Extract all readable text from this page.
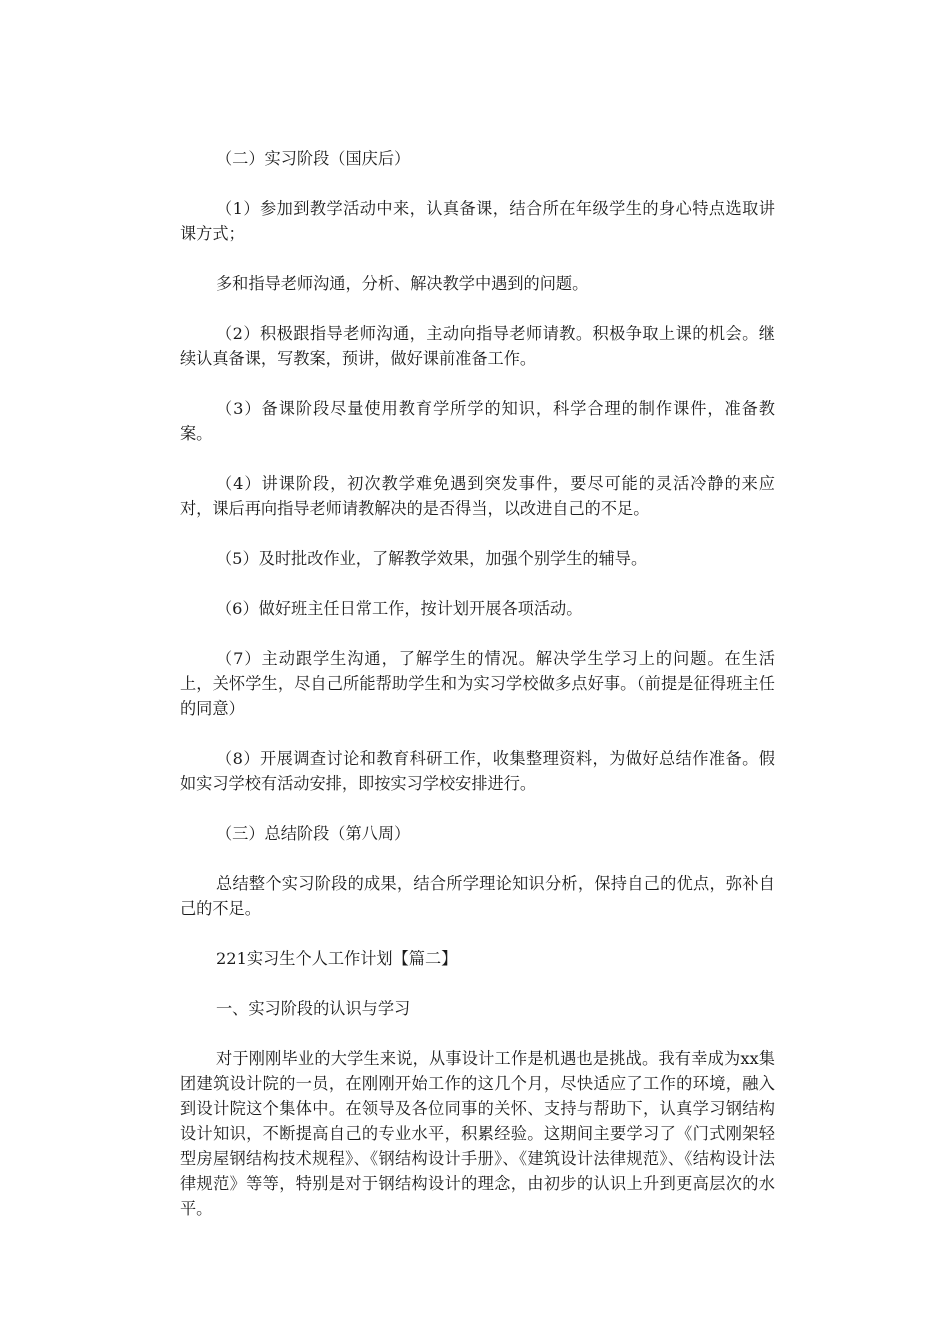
（二）实习阶段（国庆后）

（1）参加到教学活动中来，认真备课，结合所在年级学生的身心特点选取讲课方式；

多和指导老师沟通，分析、解决教学中遇到的问题。

（2）积极跟指导老师沟通，主动向指导老师请教。积极争取上课的机会。继续认真备课，写教案，预讲，做好课前准备工作。

（3）备课阶段尽量使用教育学所学的知识，科学合理的制作课件，准备教案。

（4）讲课阶段，初次教学难免遇到突发事件，要尽可能的灵活冷静的来应对，课后再向指导老师请教解决的是否得当，以改进自己的不足。

（5）及时批改作业，了解教学效果，加强个别学生的辅导。

（6）做好班主任日常工作，按计划开展各项活动。

（7）主动跟学生沟通，了解学生的情况。解决学生学习上的问题。在生活上，关怀学生，尽自己所能帮助学生和为实习学校做多点好事。（前提是征得班主任的同意）

（8）开展调查讨论和教育科研工作，收集整理资料，为做好总结作准备。假如实习学校有活动安排，即按实习学校安排进行。

（三）总结阶段（第八周）

总结整个实习阶段的成果，结合所学理论知识分析，保持自己的优点，弥补自己的不足。

221实习生个人工作计划【篇二】

一、实习阶段的认识与学习

对于刚刚毕业的大学生来说，从事设计工作是机遇也是挑战。我有幸成为xx集团建筑设计院的一员，在刚刚开始工作的这几个月，尽快适应了工作的环境，融入到设计院这个集体中。在领导及各位同事的关怀、支持与帮助下，认真学习钢结构设计知识，不断提高自己的专业水平，积累经验。这期间主要学习了《门式刚架轻型房屋钢结构技术规程》、《钢结构设计手册》、《建筑设计法律规范》、《结构设计法律规范》等等，特别是对于钢结构设计的理念，由初步的认识上升到更高层次的水平。
